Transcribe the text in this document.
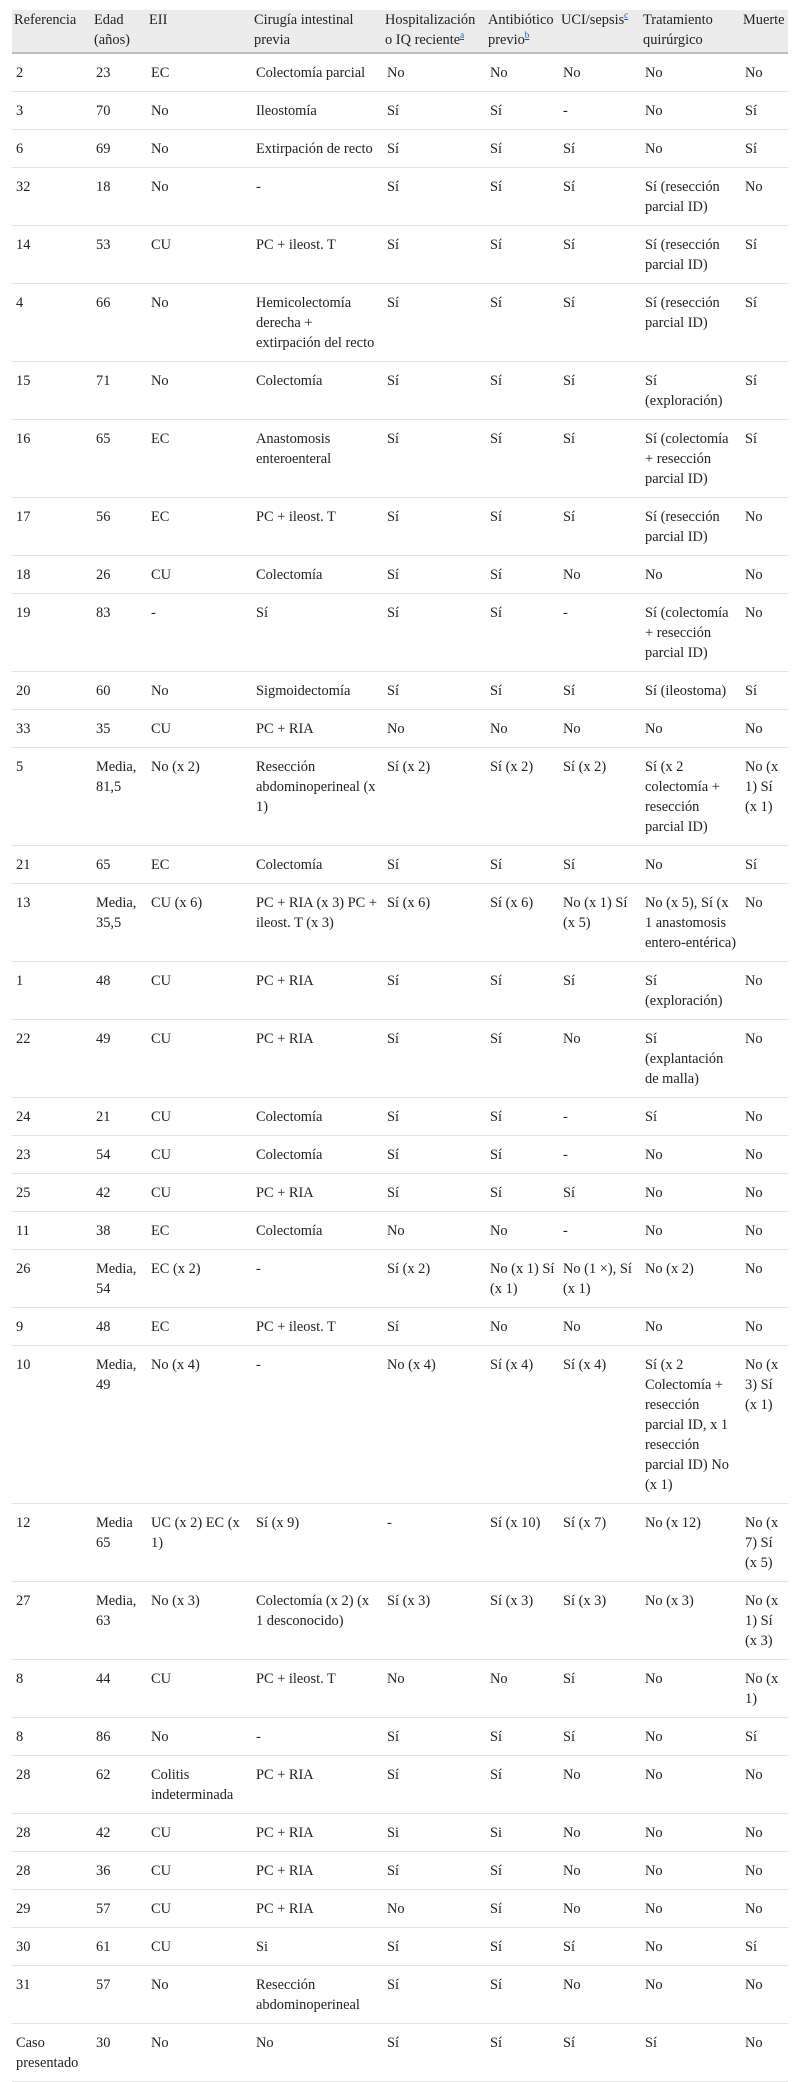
Referencia	Edad (años)	EII	Cirugía intestinal previa	Hospitalización o IQ reciente$^a$	Antibiótico previo$^b$	UCI/sepsis$^c$	Tratamiento quirúrgico	Muerte
2	23	EC	Colectomía parcial	No	No	No	No	No
3	70	No	Ileostomía	Sí	Sí	-	No	Sí
6	69	No	Extirpación de recto	Sí	Sí	Sí	No	Sí
32	18	No	-	Sí	Sí	Sí	Sí (resección parcial ID)	No
14	53	CU	PC + ileost. T	Sí	Sí	Sí	Sí (resección parcial ID)	Sí
4	66	No	Hemicolectomía derecha + extirpación del recto	Sí	Sí	Sí	Sí (resección parcial ID)	Sí
15	71	No	Colectomía	Sí	Sí	Sí	Sí (exploración)	Sí
16	65	EC	Anastomosis enteroenteral	Sí	Sí	Sí	Sí (colectomía + resección parcial ID)	Sí
17	56	EC	PC + ileost. T	Sí	Sí	Sí	Sí (resección parcial ID)	No
18	26	CU	Colectomía	Sí	Sí	No	No	No
19	83	-	Sí	Sí	Sí	-	Sí (colectomía + resección parcial ID)	No
20	60	No	Sigmoidectomía	Sí	Sí	Sí	Sí (ileostoma)	Sí
33	35	CU	PC + RIA	No	No	No	No	No
5	Media, 81,5	No (x 2)	Resección abdominoperineal (x 1)	Sí (x 2)	Sí (x 2)	Sí (x 2)	Sí (x 2 colectomía + resección parcial ID)	No (x 1) Sí (x 1)
21	65	EC	Colectomía	Sí	Sí	Sí	No	Sí
13	Media, 35,5	CU (x 6)	PC + RIA (x 3) PC + ileost. T (x 3)	Sí (x 6)	Sí (x 6)	No (x 1) Sí (x 5)	No (x 5), Sí (x 1 anastomosis entero-entérica)	No
1	48	CU	PC + RIA	Sí	Sí	Sí	Sí (exploración)	No
22	49	CU	PC + RIA	Sí	Sí	No	Sí (explantación de malla)	No
24	21	CU	Colectomía	Sí	Sí	-	Sí	No
23	54	CU	Colectomía	Sí	Sí	-	No	No
25	42	CU	PC + RIA	Sí	Sí	Sí	No	No
11	38	EC	Colectomía	No	No	-	No	No
26	Media, 54	EC (x 2)	-	Sí (x 2)	No (x 1) Sí (x 1)	No (1 ×), Sí (x 1)	No (x 2)	No
9	48	EC	PC + ileost. T	Sí	No	No	No	No
10	Media, 49	No (x 4)	-	No (x 4)	Sí (x 4)	Sí (x 4)	Sí (x 2 Colectomía + resección parcial ID, x 1 resección parcial ID) No (x 1)	No (x 3) Sí (x 1)
12	Media 65	UC (x 2) EC (x 1)	Sí (x 9)	-	Sí (x 10)	Sí (x 7)	No (x 12)	No (x 7) Sí (x 5)
27	Media, 63	No (x 3)	Colectomía (x 2) (x 1 desconocido)	Sí (x 3)	Sí (x 3)	Sí (x 3)	No (x 3)	No (x 1) Sí (x 3)
8	44	CU	PC + ileost. T	No	No	Sí	No	No (x 1)
8	86	No	-	Sí	Sí	Sí	No	Sí
28	62	Colitis indeterminada	PC + RIA	Sí	Sí	No	No	No
28	42	CU	PC + RIA	Si	Si	No	No	No
28	36	CU	PC + RIA	Sí	Sí	No	No	No
29	57	CU	PC + RIA	No	Sí	No	No	No
30	61	CU	Si	Sí	Sí	Sí	No	Sí
31	57	No	Resección abdominoperineal	Sí	Sí	No	No	No
Caso presentado	30	No	No	Sí	Sí	Sí	Sí	No
